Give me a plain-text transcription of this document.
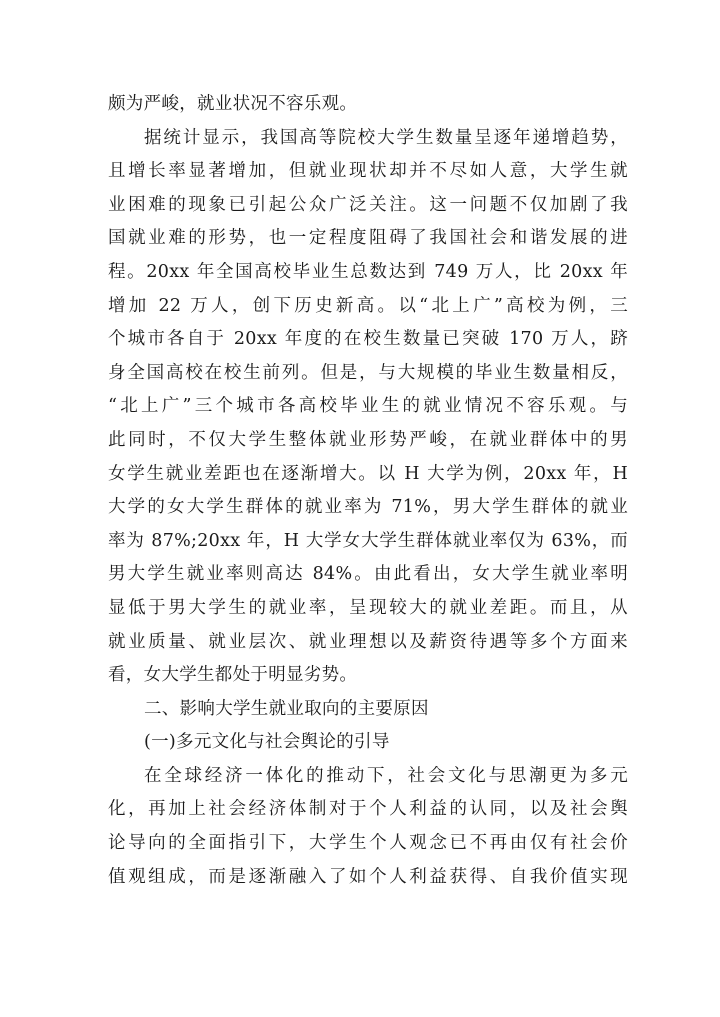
颇为严峻，就业状况不容乐观。
据统计显示，我国高等院校大学生数量呈逐年递增趋势，
且增长率显著增加，但就业现状却并不尽如人意，大学生就
业困难的现象已引起公众广泛关注。这一问题不仅加剧了我
国就业难的形势，也一定程度阻碍了我国社会和谐发展的进
程。20xx 年全国高校毕业生总数达到 749 万人，比 20xx 年
增加 22 万人，创下历史新高。以“北上广”高校为例，三
个城市各自于 20xx 年度的在校生数量已突破 170 万人，跻
身全国高校在校生前列。但是，与大规模的毕业生数量相反，
“北上广”三个城市各高校毕业生的就业情况不容乐观。与
此同时，不仅大学生整体就业形势严峻，在就业群体中的男
女学生就业差距也在逐渐增大。以 H 大学为例，20xx 年，H
大学的女大学生群体的就业率为 71%，男大学生群体的就业
率为 87%;20xx 年，H 大学女大学生群体就业率仅为 63%，而
男大学生就业率则高达 84%。由此看出，女大学生就业率明
显低于男大学生的就业率，呈现较大的就业差距。而且，从
就业质量、就业层次、就业理想以及薪资待遇等多个方面来
看，女大学生都处于明显劣势。
二、影响大学生就业取向的主要原因
(一)多元文化与社会舆论的引导
在全球经济一体化的推动下，社会文化与思潮更为多元
化，再加上社会经济体制对于个人利益的认同，以及社会舆
论导向的全面指引下，大学生个人观念已不再由仅有社会价
值观组成，而是逐渐融入了如个人利益获得、自我价值实现
